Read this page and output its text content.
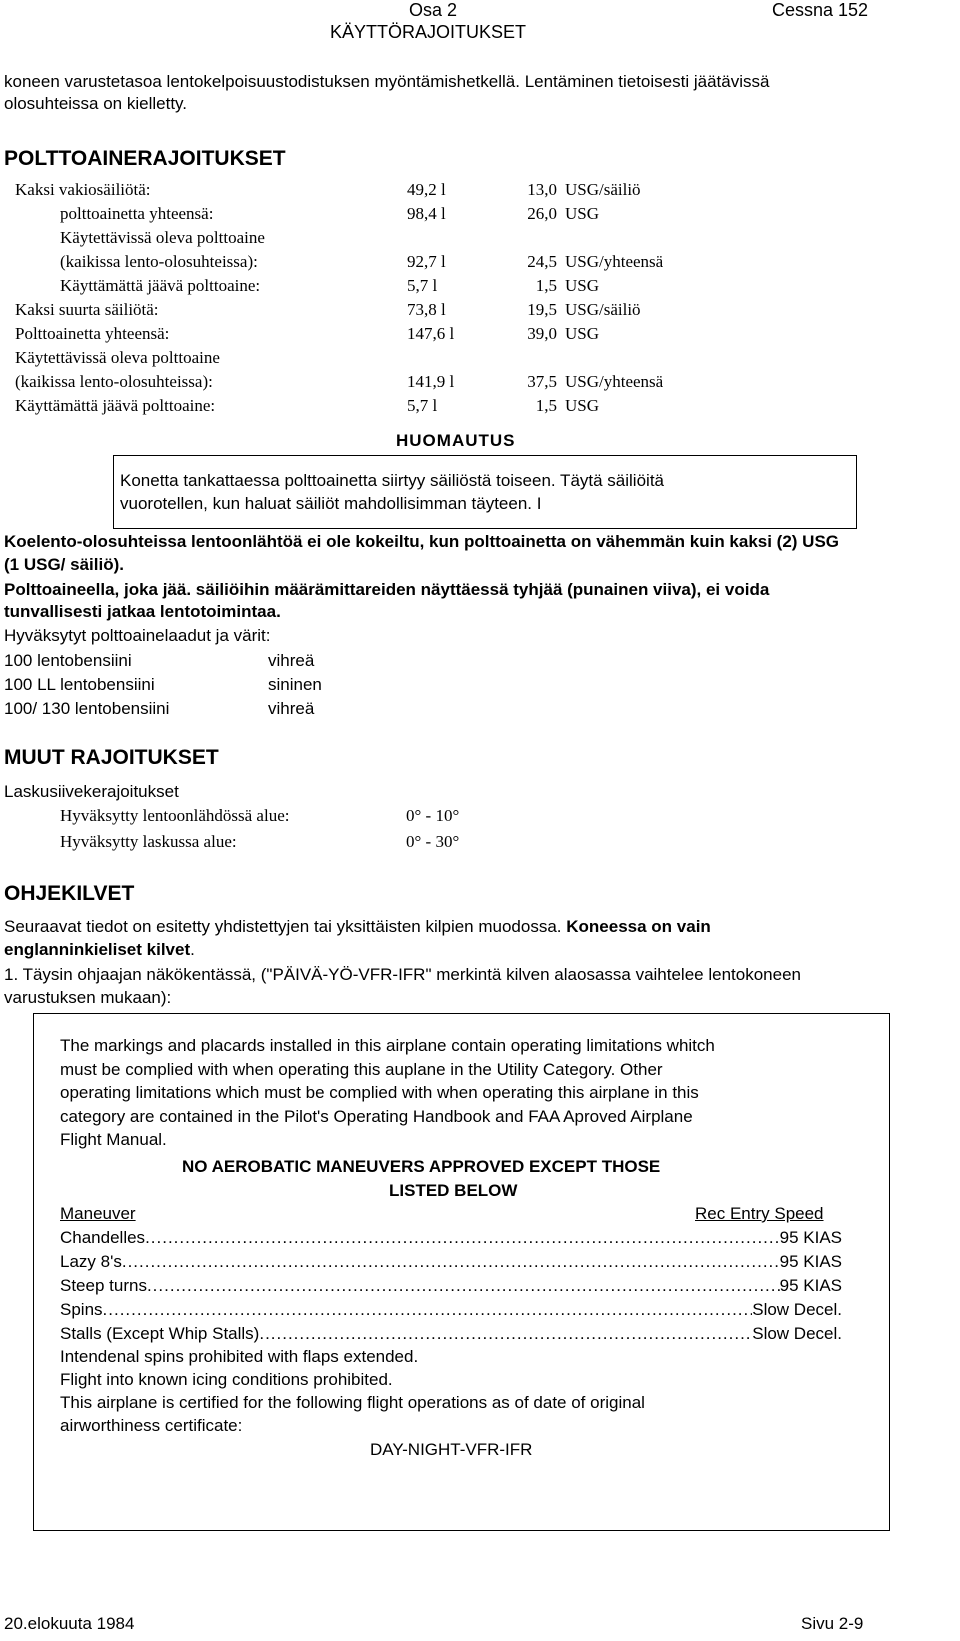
Osa 2
KÄYTTÖRAJOITUKSET
Cessna 152
koneen varustetasoa lentokelpoisuustodistuksen myöntämishetkellä. Lentäminen tietoisesti jäätävissä
olosuhteissa on kielletty.
POLTTOAINERAJOITUKSET
Kaksi vakiosäiliötä:	49,2 l	13,0 USG/säiliö
polttoainetta yhteensä:	98,4 l	26,0 USG
Käytettävissä oleva polttoaine
(kaikissa lento-olosuhteissa):	92,7 l	24,5 USG/yhteensä
Käyttämättä jäävä polttoaine:	5,7 l	1,5 USG
Kaksi suurta säiliötä:	73,8 l	19,5 USG/säiliö
Polttoainetta yhteensä:	147,6 l	39,0 USG
Käytettävissä oleva polttoaine
(kaikissa lento-olosuhteissa):	141,9 l	37,5 USG/yhteensä
Käyttämättä jäävä polttoaine:	5,7 l	1,5 USG
HUOMAUTUS
Konetta tankattaessa polttoainetta siirtyy säiliöstä toiseen. Täytä säiliöitä
vuorotellen, kun haluat säiliöt mahdollisimman täyteen. I
Koelento-olosuhteissa lentoonlähtöä ei ole kokeiltu, kun polttoainetta on vähemmän kuin kaksi (2) USG
(1 USG/ säiliö).
Polttoaineella, joka jää. säiliöihin määrämittareiden näyttäessä tyhjää (punainen viiva), ei voida
tunvallisesti jatkaa lentotoimintaa.
Hyväksytyt polttoainelaadut ja värit:
100 lentobensiini	vihreä
100 LL lentobensiini	sininen
100/ 130 lentobensiini	vihreä
MUUT RAJOITUKSET
Laskusiivekerajoitukset
Hyväksytty lentoonlähdössä alue:	0° - 10°
Hyväksytty laskussa alue:	0° - 30°
OHJEKILVET
Seuraavat tiedot on esitetty yhdistettyjen tai yksittäisten kilpien muodossa. Koneessa on vain
englanninkieliset kilvet.
1. Täysin ohjaajan näkökentässä, ("PÄIVÄ-YÖ-VFR-IFR" merkintä kilven alaosassa vaihtelee lentokoneen
varustuksen mukaan):
The markings and placards installed in this airplane contain operating limitations whitch
must be complied with when operating this auplane in the Utility Category. Other
operating limitations which must be complied with when operating this airplane in this
category are contained in the Pilot's Operating Handbook and FAA Aproved Airplane
Flight Manual.
NO AEROBATIC MANEUVERS APPROVED EXCEPT THOSE
LISTED BELOW
Maneuver	Rec Entry Speed
Chandelles .....	95 KIAS
Lazy 8's .....	95 KIAS
Steep turns .....	95 KIAS
Spins .....	Slow Decel.
Stalls (Except Whip Stalls) .....	Slow Decel.
Intendenal spins prohibited with flaps extended.
Flight into known icing conditions prohibited.
This airplane is certified for the following flight operations as of date of original
airworthiness certificate:
DAY-NIGHT-VFR-IFR
20.elokuuta 1984	Sivu 2-9
